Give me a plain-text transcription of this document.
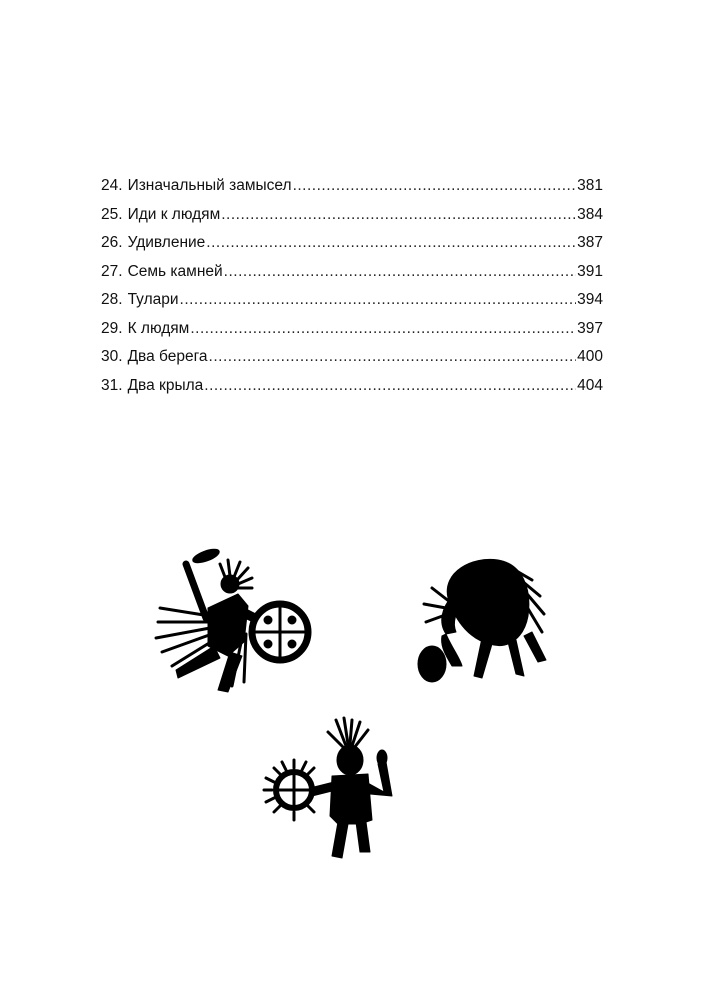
24. Изначальный замысел .....	381
25. Иди к людям .....	384
26. Удивление .....	387
27. Семь камней .....	391
28. Тулари .....	394
29. К людям .....	397
30. Два берега .....	400
31. Два крыла .....	404
